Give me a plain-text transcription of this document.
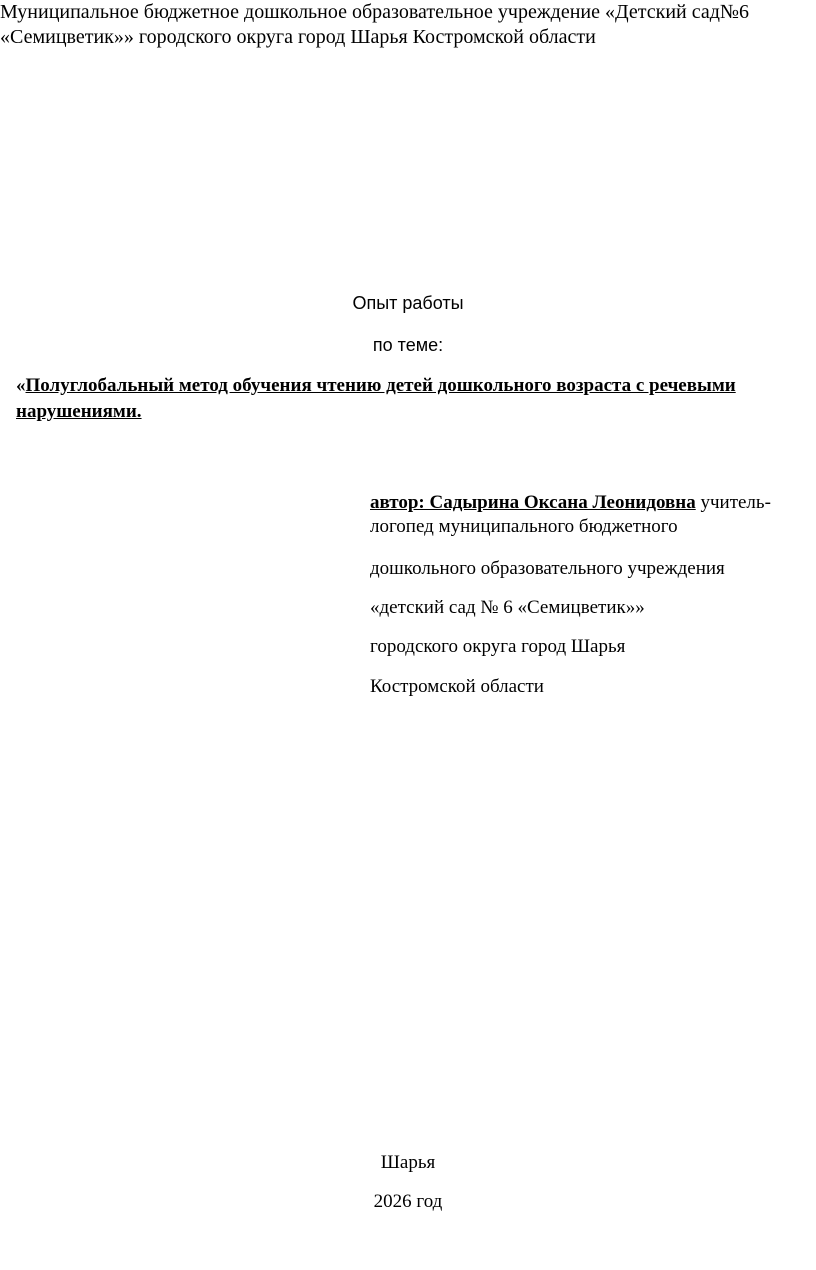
Муниципальное бюджетное дошкольное образовательное учреждение «Детский сад№6 «Семицветик»» городского округа город Шарья Костромской области
Опыт работы
по теме:
«Полуглобальный метод обучения чтению детей дошкольного возраста с речевыми нарушениями.
автор: Садырина Оксана Леонидовна учитель-логопед муниципального бюджетного
дошкольного образовательного учреждения
«детский сад № 6 «Семицветик»»
городского округа город Шарья
Костромской области
Шарья
2026 год
